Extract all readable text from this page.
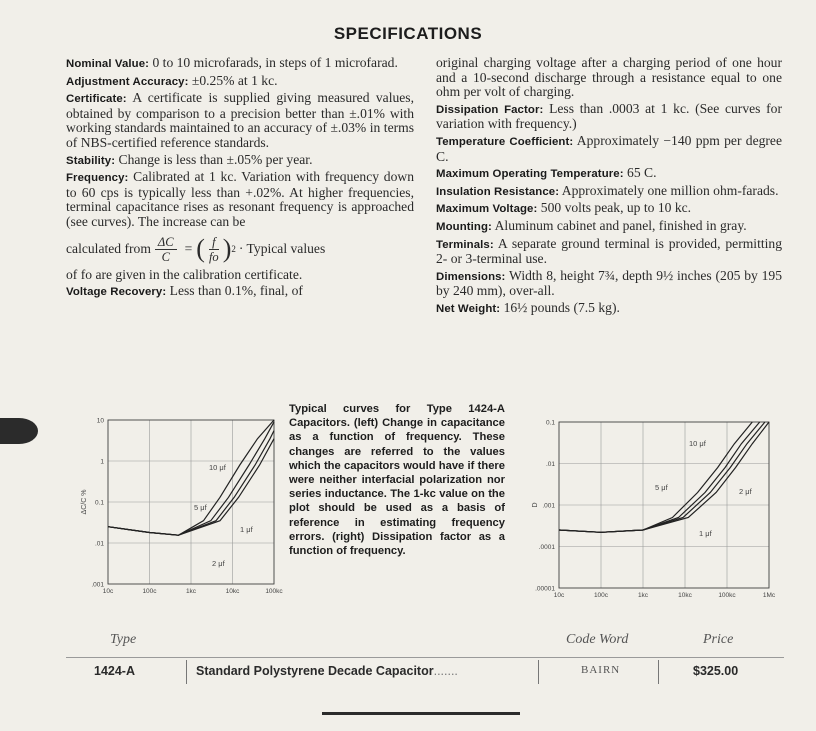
SPECIFICATIONS

Nominal Value: 0 to 10 microfarads, in steps of 1 microfarad.

Adjustment Accuracy: ±0.25% at 1 kc.

Certificate: A certificate is supplied giving measured values, obtained by comparison to a precision better than ±.01% with working standards maintained to an accuracy of ±.03% in terms of NBS-certified reference standards.

Stability: Change is less than ±.05% per year.

Frequency: Calibrated at 1 kc. Variation with frequency down to 60 cps is typically less than +.02%. At higher frequencies, terminal capacitance rises as resonant frequency is approached (see curves). The increase can be

calculated from $\frac{\Delta C}{C}$ = ( $\frac{f}{fo}$ ) 2 · Typical values

of fo are given in the calibration certificate.

Voltage Recovery: Less than 0.1%, final, of

original charging voltage after a charging period of one hour and a 10-second discharge through a resistance equal to one ohm per volt of charging.

Dissipation Factor: Less than .0003 at 1 kc. (See curves for variation with frequency.)

Temperature Coefficient: Approximately −140 ppm per degree C.

Maximum Operating Temperature: 65 C.

Insulation Resistance: Approximately one million ohm-farads.

Maximum Voltage: 500 volts peak, up to 10 kc.

Mounting: Aluminum cabinet and panel, finished in gray.

Terminals: A separate ground terminal is provided, permitting 2- or 3-terminal use.

Dimensions: Width 8, height 7¾, depth 9½ inches (205 by 195 by 240 mm), over-all.

Net Weight: 16½ pounds (7.5 kg).

10c	100c	1kc	10kc	100kc
.001
.01
0.1
1
10
ΔC/C %
10 μf
5 μf
1 μf
2 μf
Typical curves for Type 1424-A Capacitors. (left) Change in capacitance as a function of frequency. These changes are referred to the values which the capacitors would have if there were neither interfacial polarization nor series inductance. The 1-kc value on the plot should be used as a basis of reference in estimating frequency errors. (right) Dissipation factor as a function of frequency.
10c	100c	1kc	10kc	100kc	1Mc
.00001
.0001
.001
.01
0.1
D
10 μf
5 μf	2 μf
1 μf
Type	Code Word	Price
1424-A	Standard Polystyrene Decade Capacitor.......	BAIRN	$325.00
